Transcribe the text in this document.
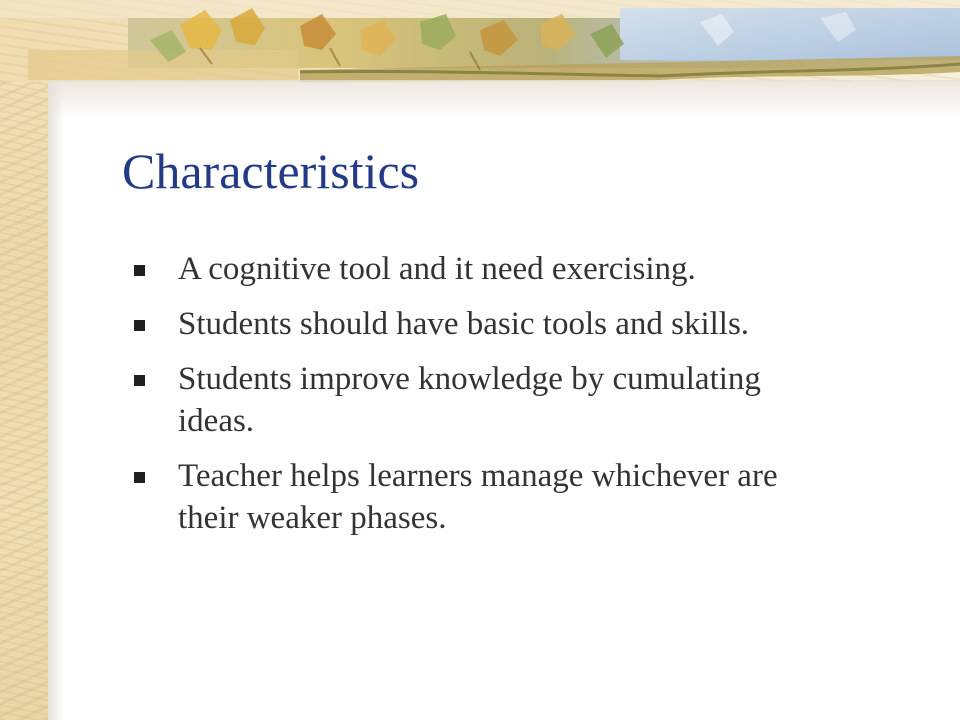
Characteristics
A cognitive tool and it need exercising.
Students should have basic tools and skills.
Students improve knowledge by cumulating ideas.
Teacher helps learners manage whichever are their weaker phases.
